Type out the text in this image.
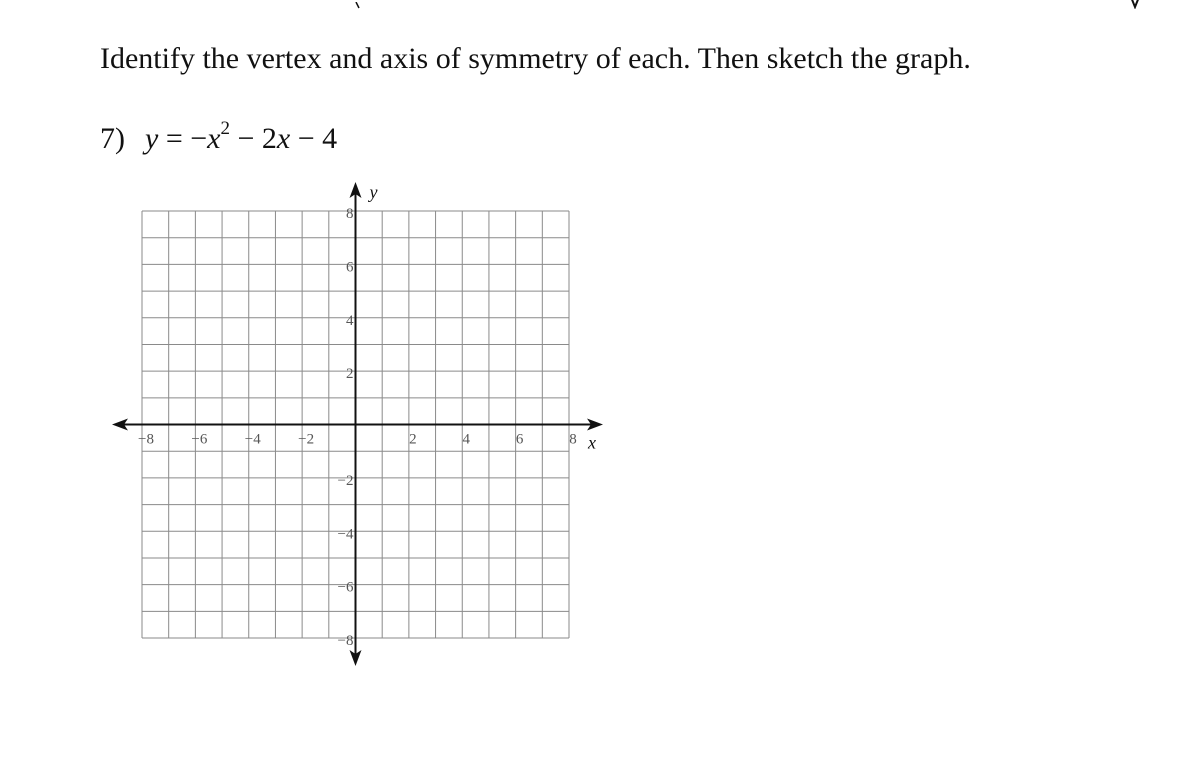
Identify the vertex and axis of symmetry of each. Then sketch the graph.
7) $y = -x^2 - 2x - 4$
−8 −6 −4 −2	2	4	6	8
8
6
4
2
−2
−4
−6
−8
x
y
